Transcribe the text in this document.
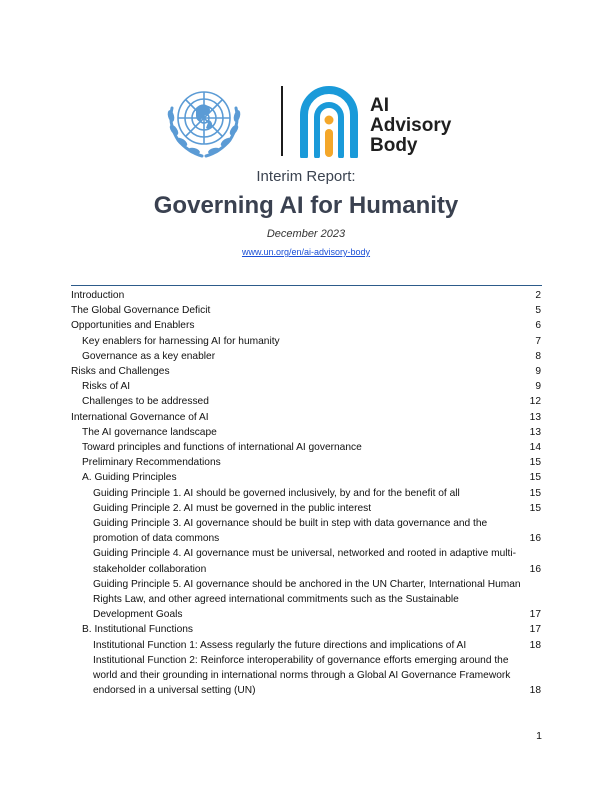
AI
Advisory
Body
Interim Report:
Governing AI for Humanity
December 2023
www.un.org/en/ai-advisory-body
Introduction	2
The Global Governance Deficit	5
Opportunities and Enablers	6
Key enablers for harnessing AI for humanity	7
Governance as a key enabler	8
Risks and Challenges	9
Risks of AI	9
Challenges to be addressed	12
International Governance of AI	13
The AI governance landscape	13
Toward principles and functions of international AI governance	14
Preliminary Recommendations	15
A. Guiding Principles	15
Guiding Principle 1. AI should be governed inclusively, by and for the benefit of all	15
Guiding Principle 2. AI must be governed in the public interest	15
Guiding Principle 3. AI governance should be built in step with data governance and the promotion of data commons	16
Guiding Principle 4. AI governance must be universal, networked and rooted in adaptive multi-stakeholder collaboration	16
Guiding Principle 5. AI governance should be anchored in the UN Charter, International Human Rights Law, and other agreed international commitments such as the Sustainable Development Goals	17
B. Institutional Functions	17
Institutional Function 1: Assess regularly the future directions and implications of AI	18
Institutional Function 2: Reinforce interoperability of governance efforts emerging around the world and their grounding in international norms through a Global AI Governance Framework endorsed in a universal setting (UN)	18
1
